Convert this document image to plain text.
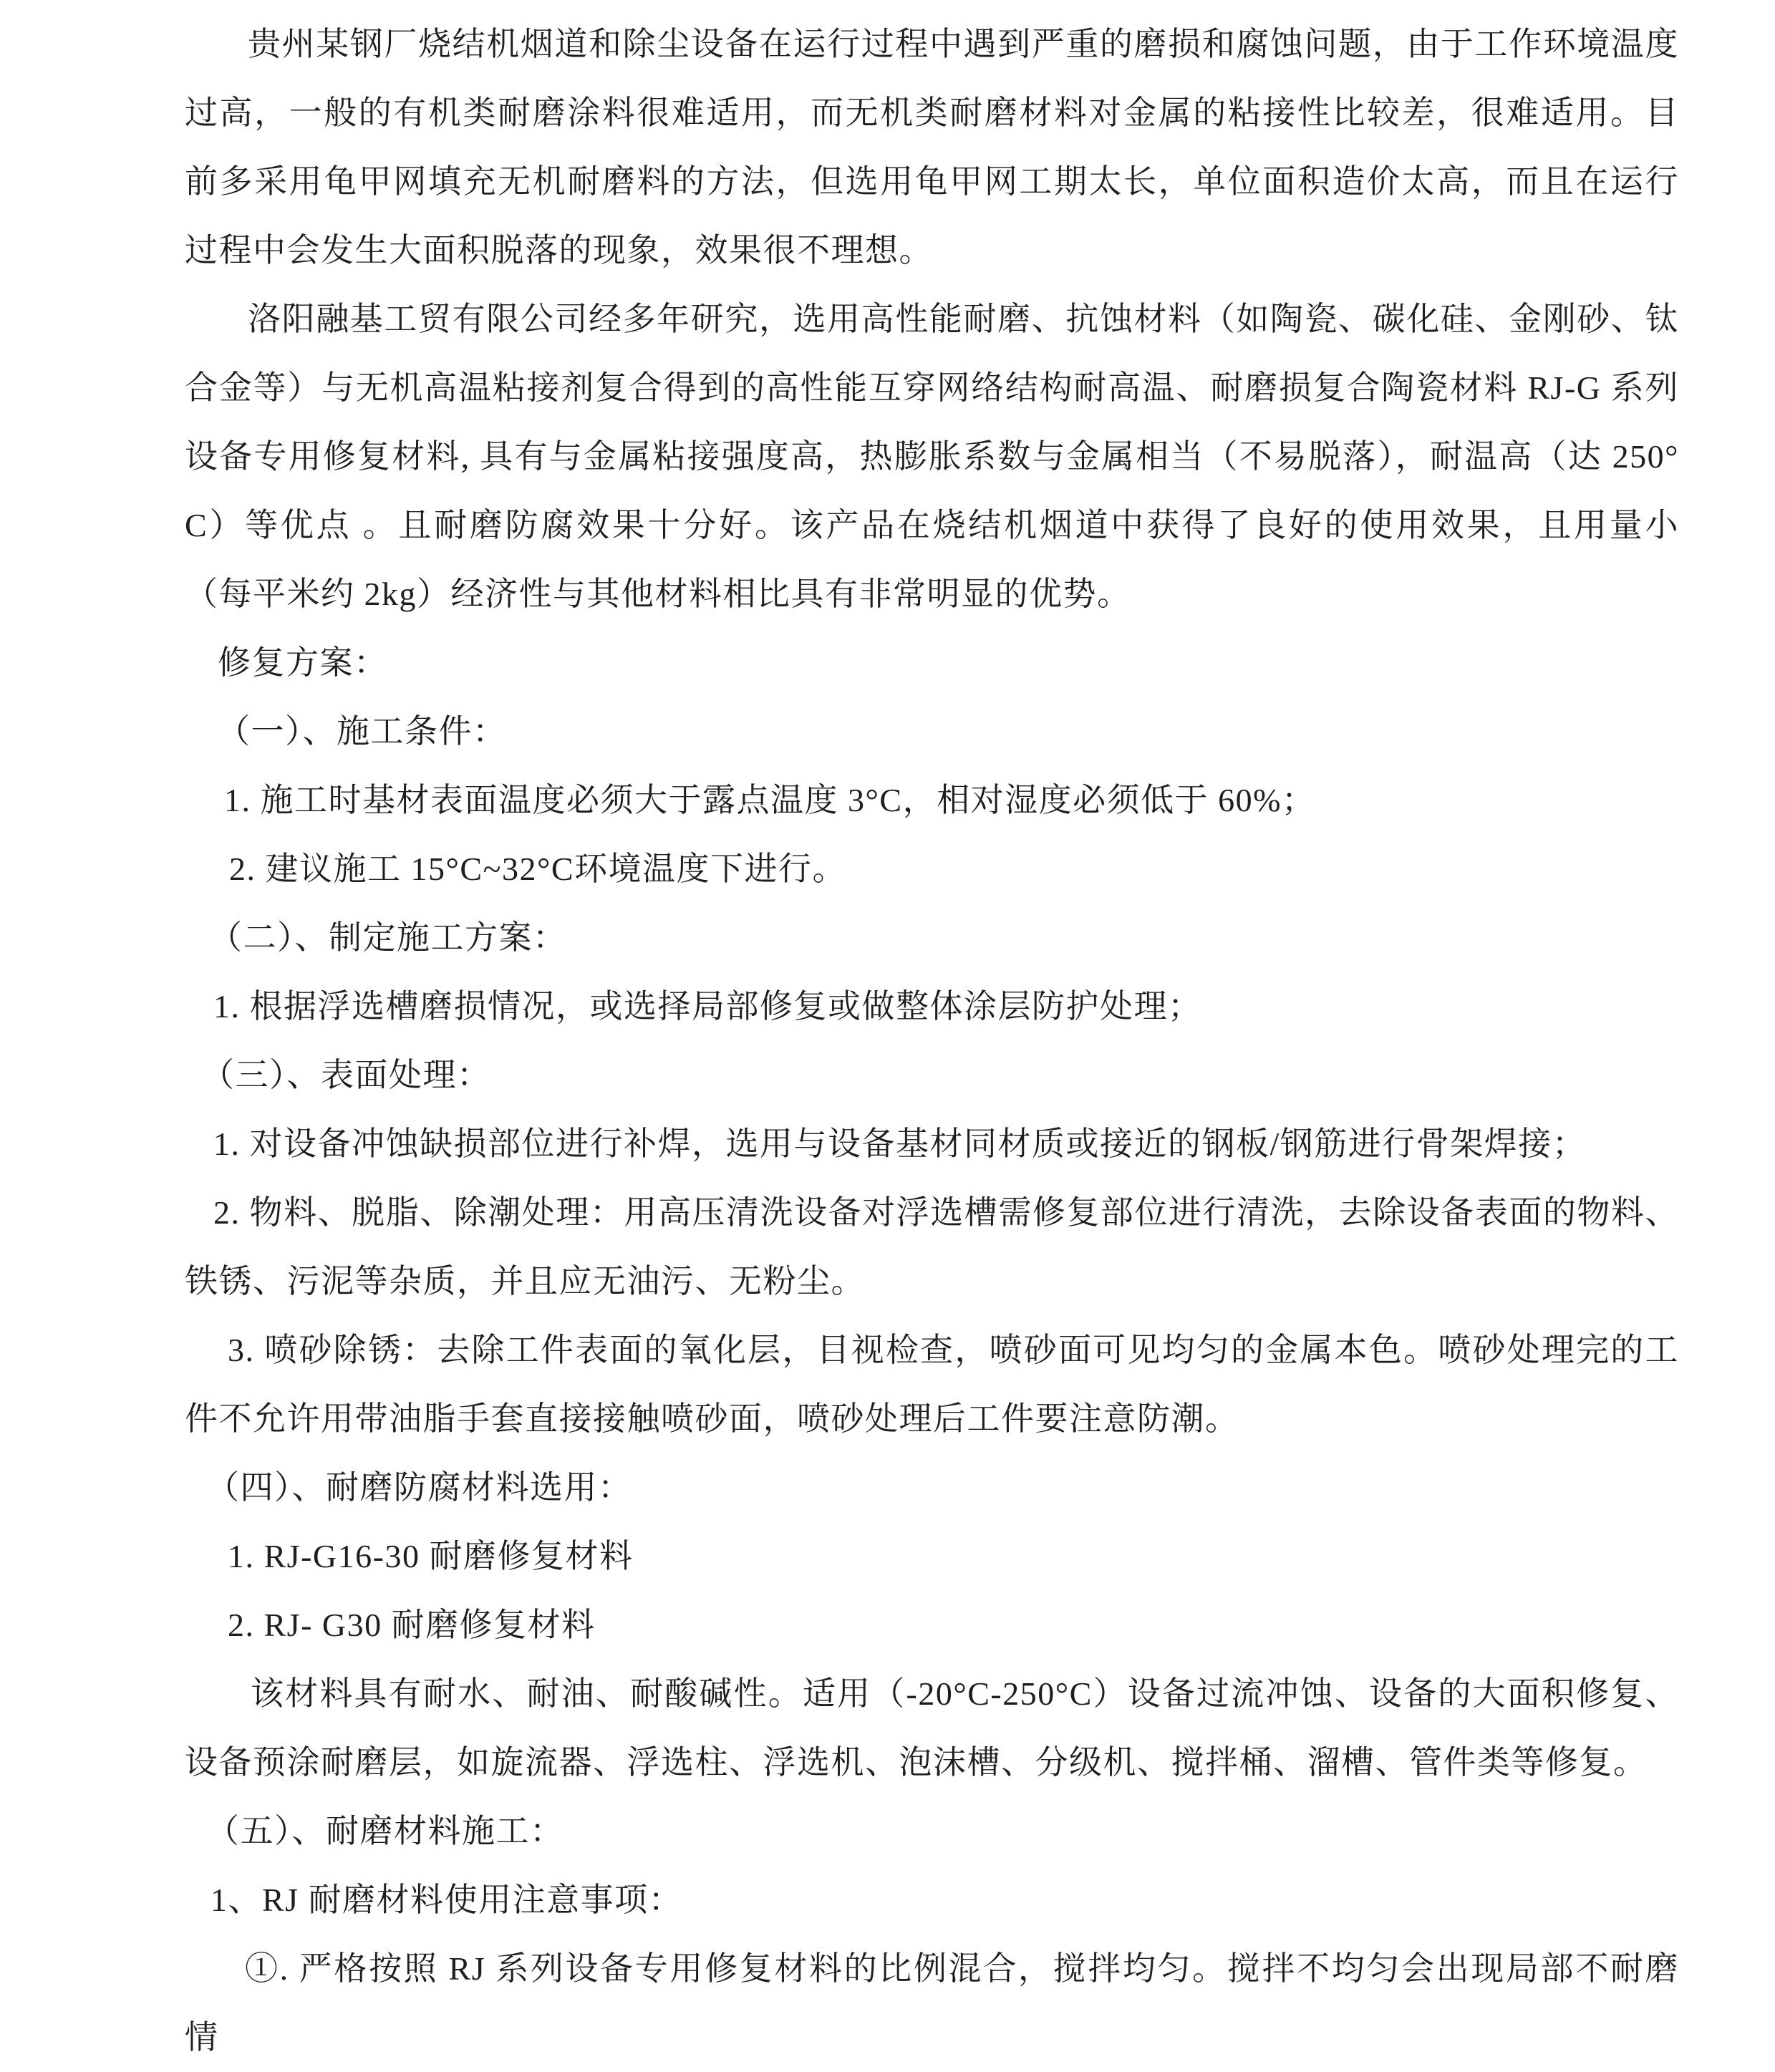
贵州某钢厂烧结机烟道和除尘设备在运行过程中遇到严重的磨损和腐蚀问题，由于工作环境温度过高，一般的有机类耐磨涂料很难适用，而无机类耐磨材料对金属的粘接性比较差，很难适用。目前多采用龟甲网填充无机耐磨料的方法，但选用龟甲网工期太长，单位面积造价太高，而且在运行过程中会发生大面积脱落的现象，效果很不理想。

洛阳融基工贸有限公司经多年研究，选用高性能耐磨、抗蚀材料（如陶瓷、碳化硅、金刚砂、钛合金等）与无机高温粘接剂复合得到的高性能互穿网络结构耐高温、耐磨损复合陶瓷材料 RJ-G 系列设备专用修复材料, 具有与金属粘接强度高，热膨胀系数与金属相当（不易脱落），耐温高（达 250°C）等优点 。且耐磨防腐效果十分好。该产品在烧结机烟道中获得了良好的使用效果，且用量小（每平米约 2kg）经济性与其他材料相比具有非常明显的优势。

修复方案：

（一）、施工条件：

1. 施工时基材表面温度必须大于露点温度 3°C，相对湿度必须低于 60%；

2. 建议施工 15°C~32°C环境温度下进行。

（二）、制定施工方案：

1. 根据浮选槽磨损情况，或选择局部修复或做整体涂层防护处理；

（三）、表面处理：

1. 对设备冲蚀缺损部位进行补焊，选用与设备基材同材质或接近的钢板/钢筋进行骨架焊接；

2. 物料、脱脂、除潮处理：用高压清洗设备对浮选槽需修复部位进行清洗，去除设备表面的物料、铁锈、污泥等杂质，并且应无油污、无粉尘。

3. 喷砂除锈：去除工件表面的氧化层，目视检查，喷砂面可见均匀的金属本色。喷砂处理完的工件不允许用带油脂手套直接接触喷砂面，喷砂处理后工件要注意防潮。

（四）、耐磨防腐材料选用：

1. RJ-G16-30 耐磨修复材料

2. RJ- G30 耐磨修复材料

该材料具有耐水、耐油、耐酸碱性。适用（-20°C-250°C）设备过流冲蚀、设备的大面积修复、设备预涂耐磨层，如旋流器、浮选柱、浮选机、泡沫槽、分级机、搅拌桶、溜槽、管件类等修复。

（五）、耐磨材料施工：

1、RJ 耐磨材料使用注意事项：

①. 严格按照 RJ 系列设备专用修复材料的比例混合，搅拌均匀。搅拌不均匀会出现局部不耐磨情
